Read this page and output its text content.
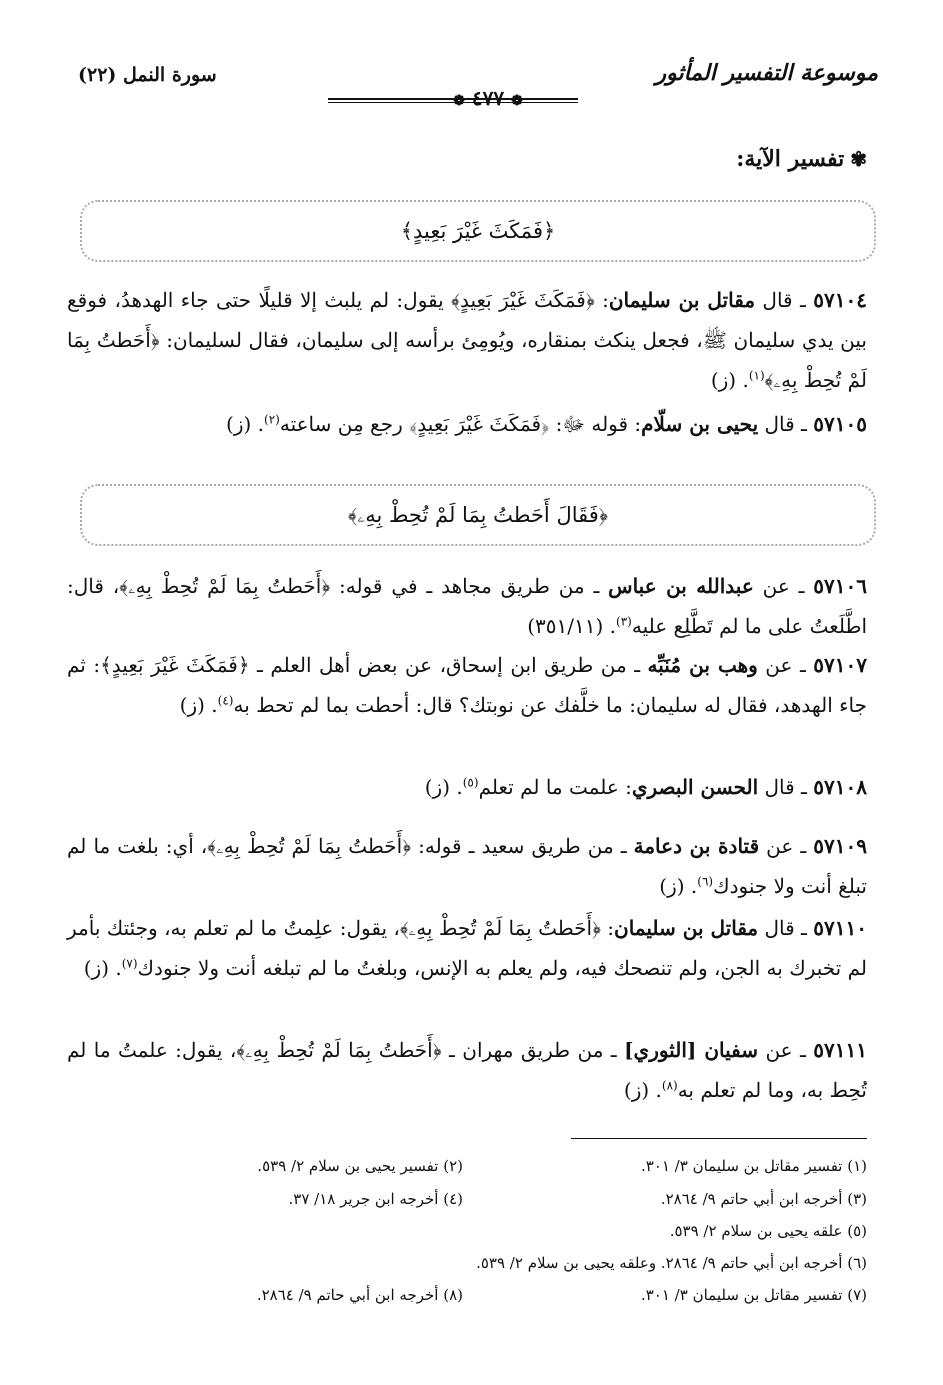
موسوعة التفسير المأثور
❁ ٤٧٧ ❁
سورة النمل (٢٢)
✾تفسير الآية:
﴿فَمَكَثَ غَيْرَ بَعِيدٍ﴾
٥٧١٠٤ ـ قال مقاتل بن سليمان: ﴿فَمَكَثَ غَيْرَ بَعِيدٍ﴾ يقول: لم يلبث إلا قليلًا حتى جاء الهدهدُ، فوقع بين يدي سليمان ﷺ، فجعل ينكث بمنقاره، ويُومِئ برأسه إلى سليمان، فقال لسليمان: ﴿أَحَطتُ بِمَا لَمْ تُحِطْ بِهِۦ﴾$^{(١)}$. (ز)
٥٧١٠٥ ـ قال يحيى بن سلّام: قوله ﷻ: ﴿فَمَكَثَ غَيْرَ بَعِيدٍ﴾ رجع مِن ساعته$^{(٢)}$. (ز)
﴿فَقَالَ أَحَطتُ بِمَا لَمْ تُحِطْ بِهِۦ﴾
٥٧١٠٦ ـ عن عبدالله بن عباس ـ من طريق مجاهد ـ في قوله: ﴿أَحَطتُ بِمَا لَمْ تُحِطْ بِهِۦ﴾، قال: اطَّلَعتُ على ما لم تَطَّلِع عليه$^{(٣)}$. (٣٥١/١١)
٥٧١٠٧ ـ عن وهب بن مُنَبِّه ـ من طريق ابن إسحاق، عن بعض أهل العلم ـ ﴿فَمَكَثَ غَيْرَ بَعِيدٍ﴾: ثم جاء الهدهد، فقال له سليمان: ما خلَّفك عن نوبتك؟ قال: أحطت بما لم تحط به$^{(٤)}$. (ز)
٥٧١٠٨ ـ قال الحسن البصري: علمت ما لم تعلم$^{(٥)}$. (ز)
٥٧١٠٩ ـ عن قتادة بن دعامة ـ من طريق سعيد ـ قوله: ﴿أَحَطتُ بِمَا لَمْ تُحِطْ بِهِۦ﴾، أي: بلغت ما لم تبلغ أنت ولا جنودك$^{(٦)}$. (ز)
٥٧١١٠ ـ قال مقاتل بن سليمان: ﴿أَحَطتُ بِمَا لَمْ تُحِطْ بِهِۦ﴾، يقول: علِمتُ ما لم تعلم به، وجئتك بأمر لم تخبرك به الجن، ولم تنصحك فيه، ولم يعلم به الإنس، وبلغتُ ما لم تبلغه أنت ولا جنودك$^{(٧)}$. (ز)
٥٧١١١ ـ عن سفيان [الثوري] ـ من طريق مهران ـ ﴿أَحَطتُ بِمَا لَمْ تُحِطْ بِهِۦ﴾، يقول: علمتُ ما لم تُحِط به، وما لم تعلم به$^{(٨)}$. (ز)
(١) تفسير مقاتل بن سليمان ٣/ ٣٠١.
(٢) تفسير يحيى بن سلام ٢/ ٥٣٩.
(٣) أخرجه ابن أبي حاتم ٩/ ٢٨٦٤.
(٤) أخرجه ابن جرير ١٨/ ٣٧.
(٥) علقه يحيى بن سلام ٢/ ٥٣٩.
(٦) أخرجه ابن أبي حاتم ٩/ ٢٨٦٤. وعلقه يحيى بن سلام ٢/ ٥٣٩.
(٧) تفسير مقاتل بن سليمان ٣/ ٣٠١.
(٨) أخرجه ابن أبي حاتم ٩/ ٢٨٦٤.
